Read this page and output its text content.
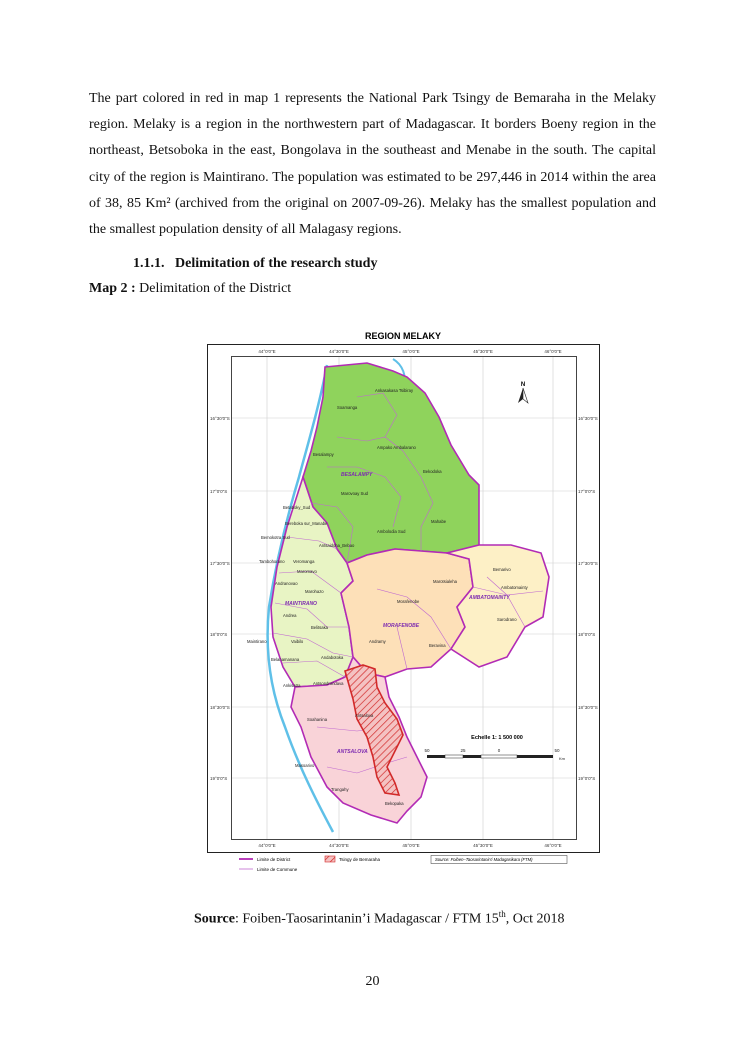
The part colored in red in map 1 represents the National Park Tsingy de Bemaraha in the Melaky region. Melaky is a region in the northwestern part of Madagascar. It borders Boeny region in the northeast, Betsoboka in the east, Bongolava in the southeast and Menabe in the south. The capital city of the region is Maintirano. The population was estimated to be 297,446 in 2014 within the area of 38, 85 Km² (archived from the original on 2007-09-26). Melaky has the smallest population and the smallest population density of all Malagasy regions.

1.1.1.   Delimitation of the research study
Map 2 : Delimitation of the District
REGION MELAKY
44°0'0"E	44°30'0"E	45°0'0"E	45°30'0"E	46°0'0"E
44°0'0"E	44°30'0"E	45°0'0"E	45°30'0"E	46°0'0"E
16°30'0"S
17°0'0"S
17°30'0"S
18°0'0"S
18°30'0"S
19°0'0"S
16°30'0"S
17°0'0"S
17°30'0"S
18°0'0"S
18°30'0"S
19°0'0"S
BESALAMPY
MAINTIRANO
MORAFENOBE
AMBATOMAINTY
ANTSALOVA
Ankasakasa Tsibiray
Soamanga
Ampako Ambalarano
Besalampy
Bekodoka
Marovoay Sud
Mahabe
Ambolodia Sud
Betaboky_Sud
Bereboka sur_Manabe
Bemokotra Sud
Antsaidoha_Bebao
Tambohorano Veromanga
Maromavo
Andranovao
Marohazo
Andrea
Belitsaka
Maintirano	Vaibilo
Belanamanana	Andabotoka
Ankisatra	Antsondrondava
Marotsialeha
Bemarivo
Ambatomainty
Morafenobe
Sarodrano
Andramy
Beravina
Soahanina
Antsalova
Masoarivo
Trangahy
Bekopaka
N
Echelle 1: 1 500 000
50	25	0	50
Km
Limite de District
Limite de Commune
Tsingy de Bemaraha	Source: Foiben–Taosarintanin'i Madagasikara (FTM)
Source: Foiben-Taosarintanin’i Madagascar / FTM 15th, Oct 2018
20
